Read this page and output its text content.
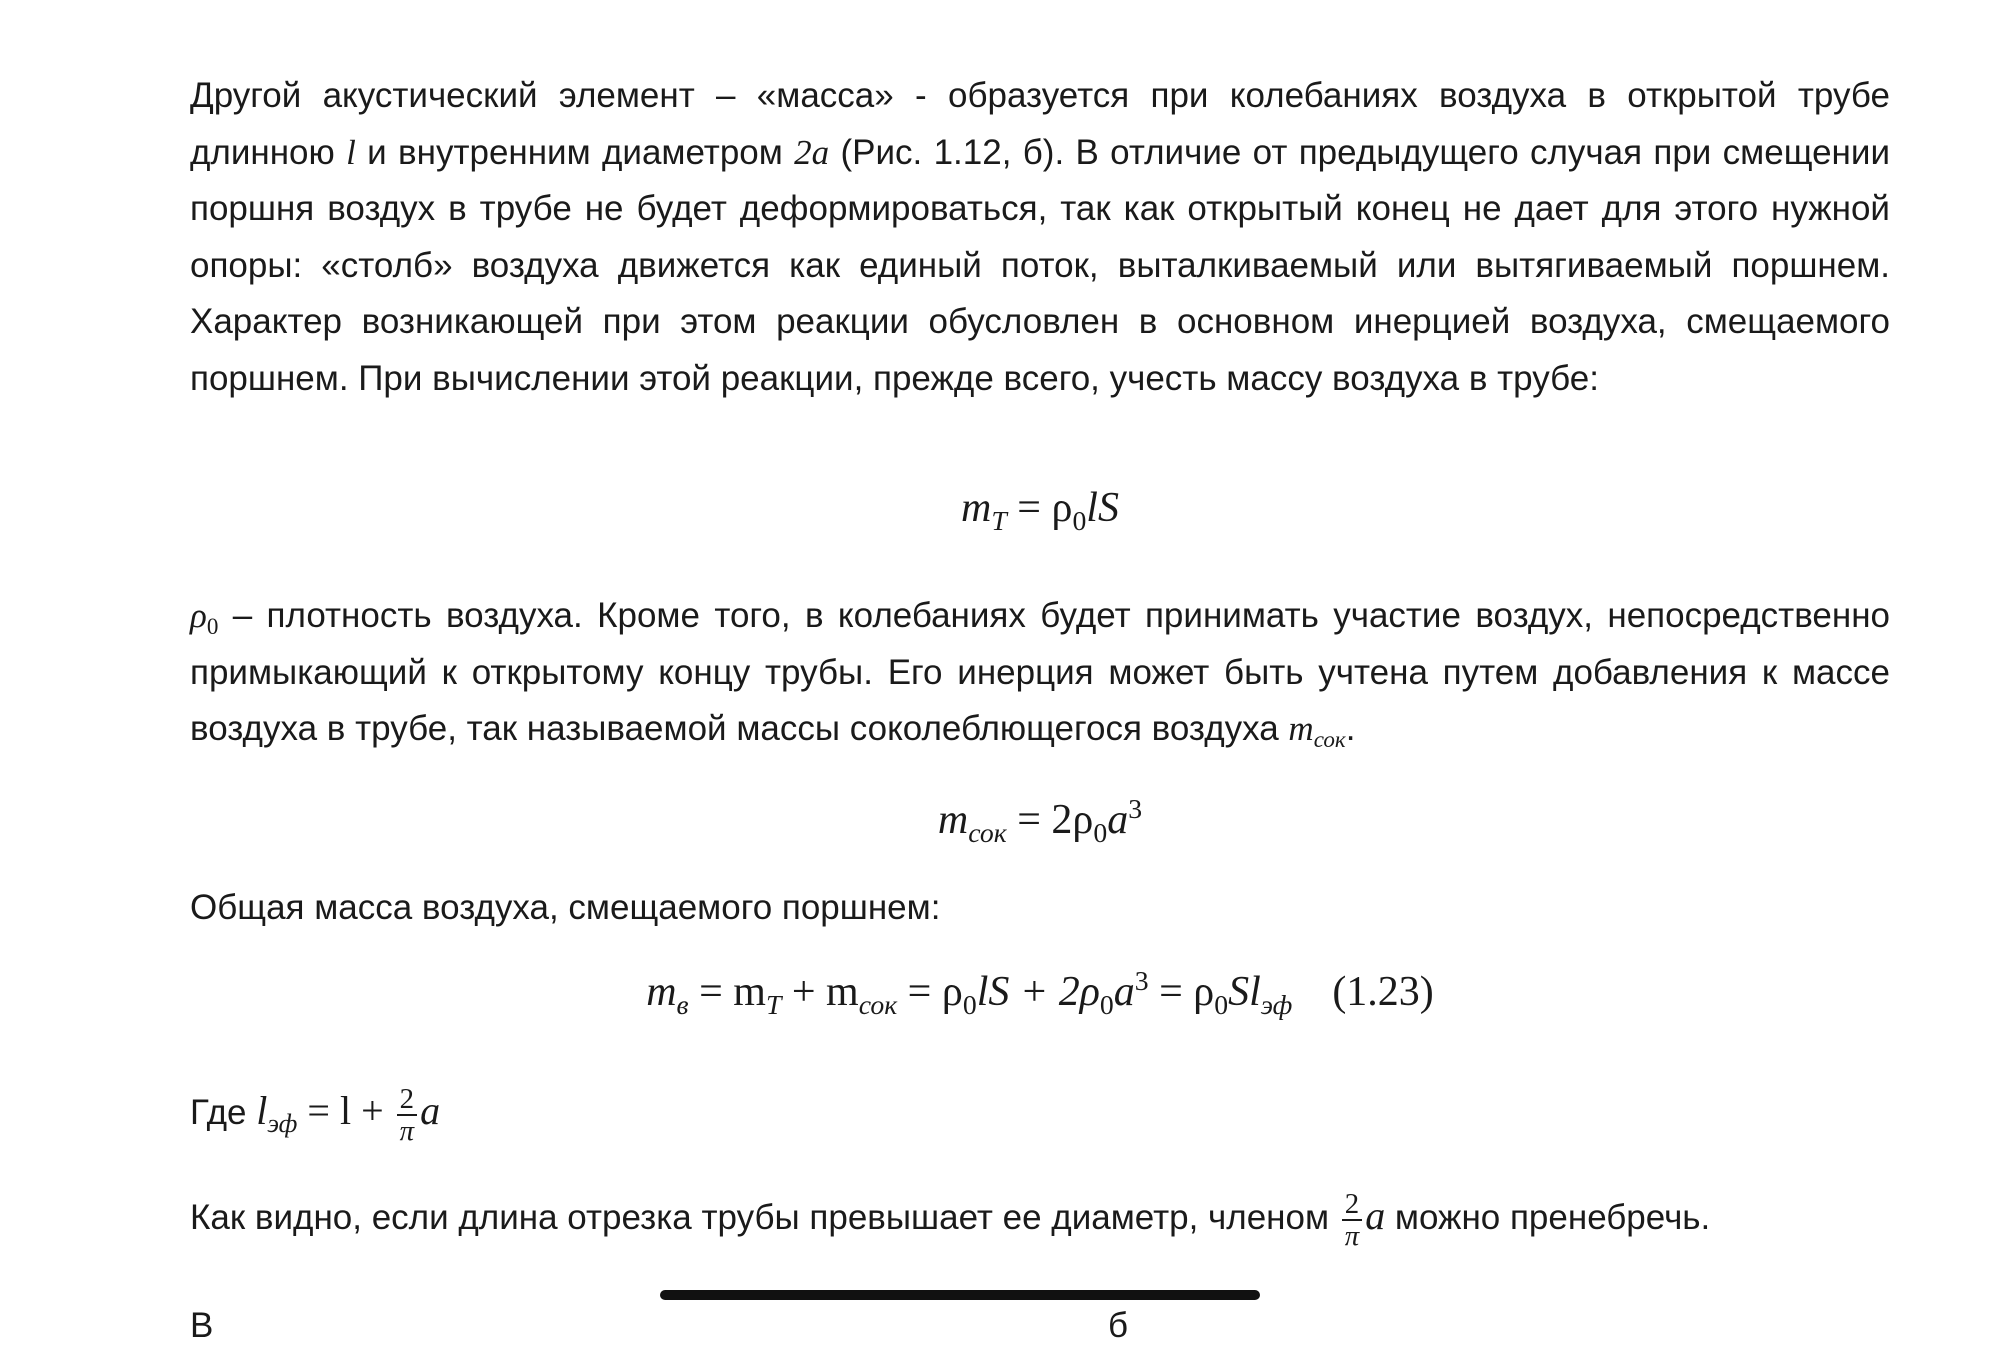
Другой акустический элемент – «масса» - образуется при колебаниях воздуха в открытой трубе длинною l и внутренним диаметром 2a (Рис. 1.12, б). В отличие от предыдущего случая при смещении поршня воздух в трубе не будет деформироваться, так как открытый конец не дает для этого нужной опоры: «столб» воздуха движется как единый поток, выталкиваемый или вытягиваемый поршнем. Характер возникающей при этом реакции обусловлен в основном инерцией воздуха, смещаемого поршнем. При вычислении этой реакции, прежде всего, учесть массу воздуха в трубе:

$m_T = \rho_0lS$

$\rho_0$ – плотность воздуха. Кроме того, в колебаниях будет принимать участие воздух, непосредственно примыкающий к открытому концу трубы. Его инерция может быть учтена путем добавления к массе воздуха в трубе, так называемой массы соколеблющегося воздуха $m_{сок}$.

$m_{сок} = 2\rho_0a^3$

Общая масса воздуха, смещаемого поршнем:

$m_в = m_T + m_{сок} = \rho_0lS + 2\rho_0a^3 = \rho_0Sl_{эф}$ (1.23)

Где $l_{эф} = l + \frac{2}{\pi}$ a

Как видно, если длина отрезка трубы превышает ее диаметр, членом $\frac{2}{\pi}$ a можно пренебречь.

В                                                                                            б
